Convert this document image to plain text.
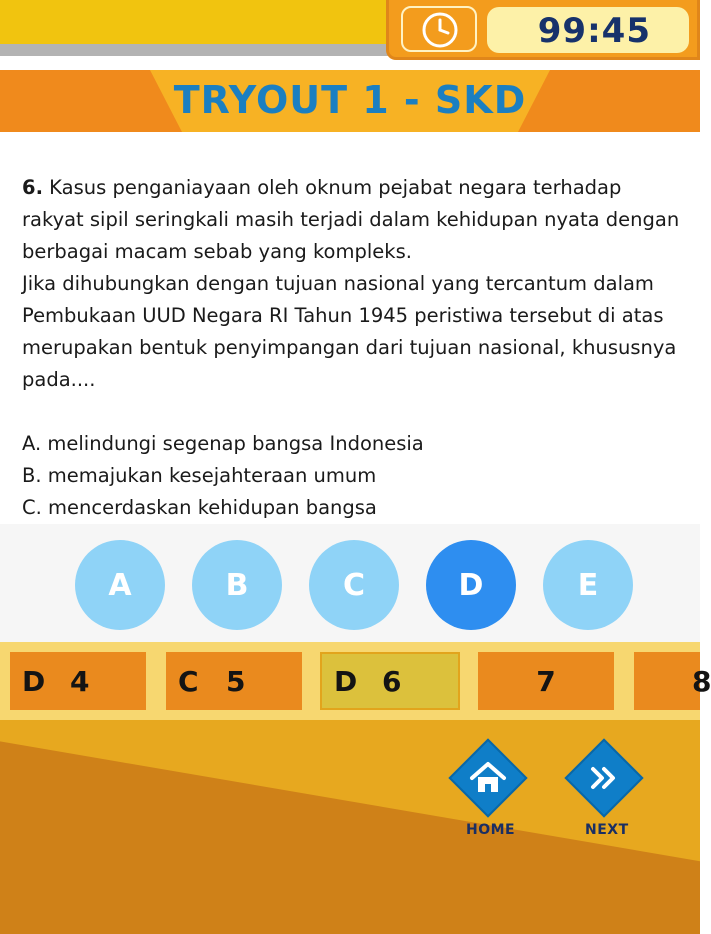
99:45
TRYOUT 1 - SKD

6. Kasus penganiayaan oleh oknum pejabat negara terhadap rakyat sipil seringkali masih terjadi dalam kehidupan nyata dengan berbagai macam sebab yang kompleks.

Jika dihubungkan dengan tujuan nasional yang tercantum dalam Pembukaan UUD Negara RI Tahun 1945 peristiwa tersebut di atas merupakan bentuk penyimpangan dari tujuan nasional, khususnya pada....

A. melindungi segenap bangsa Indonesia
B. memajukan kesejahteraan umum
C. mencerdaskan kehidupan bangsa
A	B	C	D	E
D 4	C 5	D 6	7	8
HOME	NEXT
